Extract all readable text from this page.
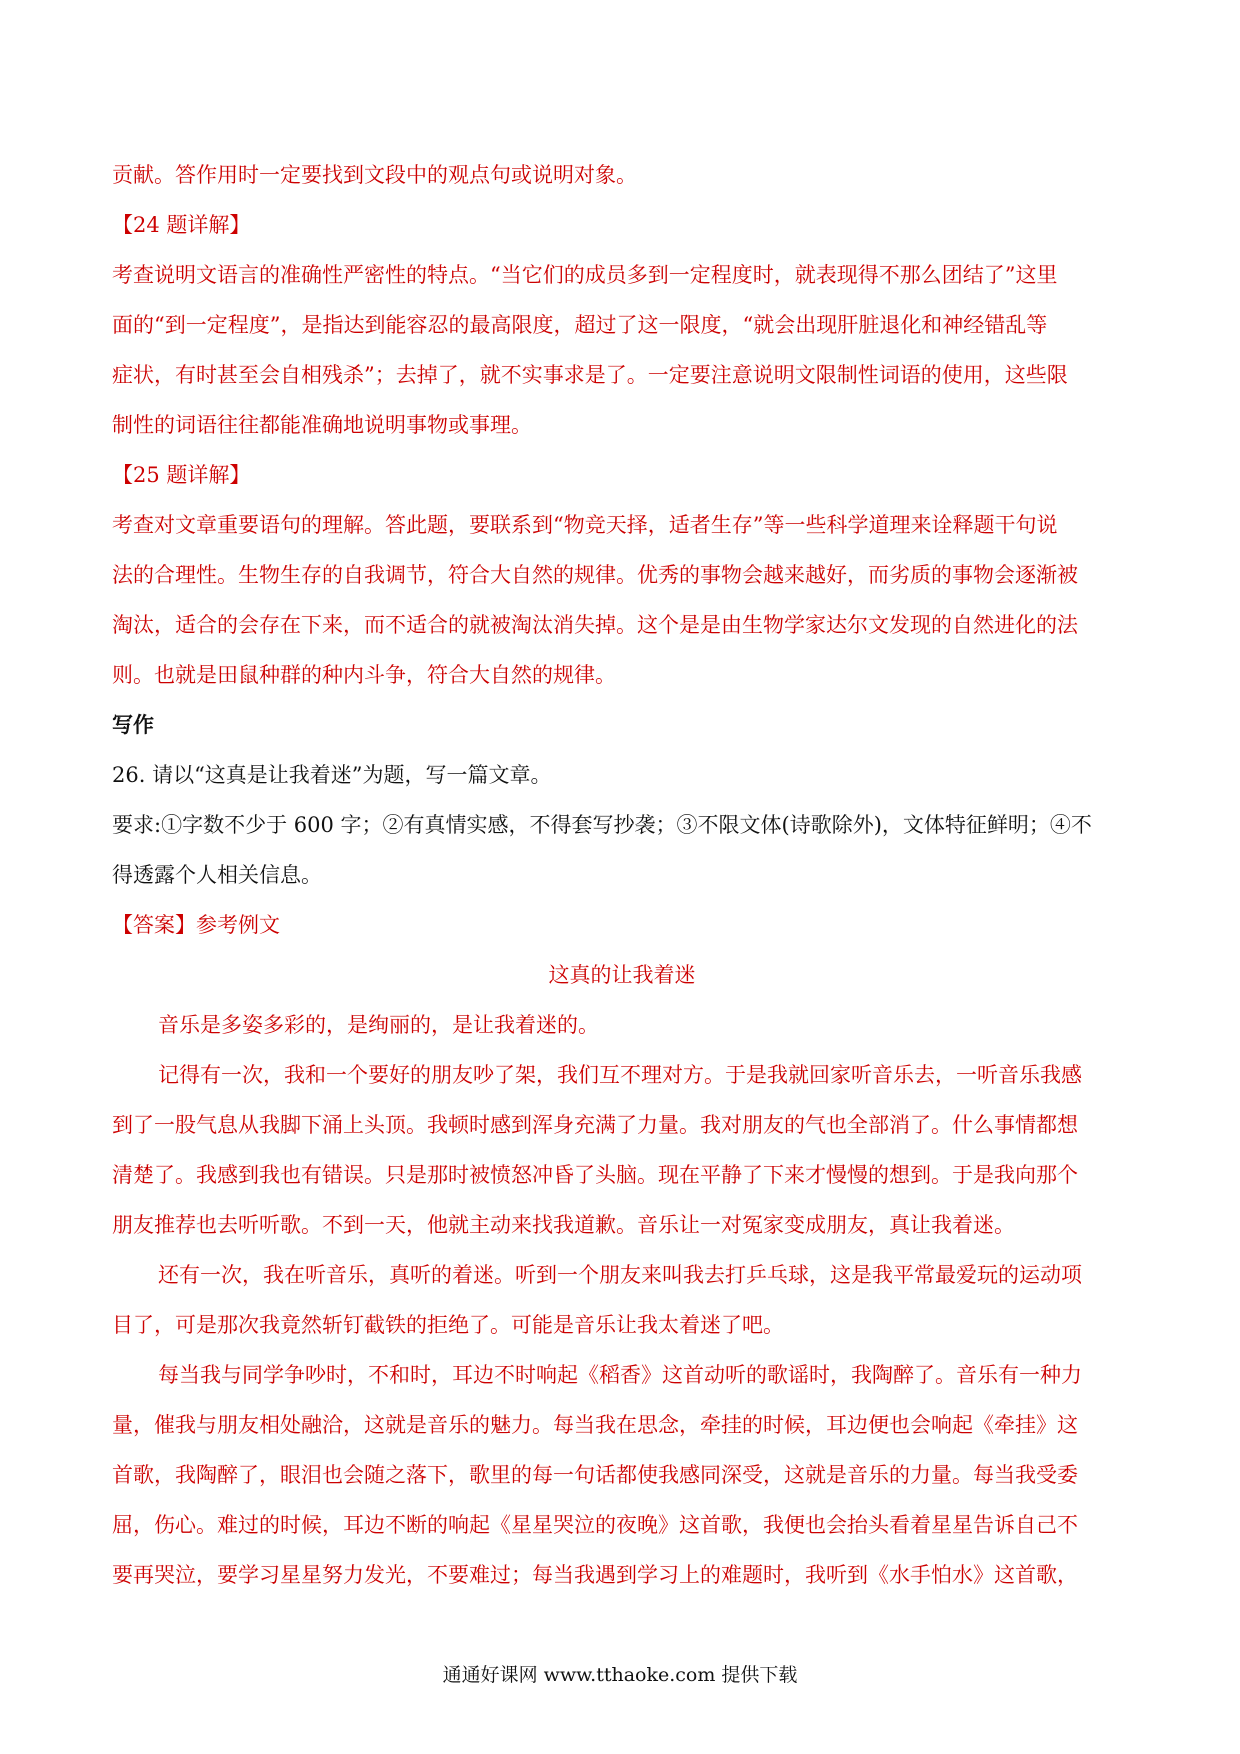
贡献。答作用时一定要找到文段中的观点句或说明对象。
【24 题详解】
考查说明文语言的准确性严密性的特点。“当它们的成员多到一定程度时，就表现得不那么团结了”这里
面的“到一定程度”，是指达到能容忍的最高限度，超过了这一限度，“就会出现肝脏退化和神经错乱等
症状，有时甚至会自相残杀”；去掉了，就不实事求是了。一定要注意说明文限制性词语的使用，这些限
制性的词语往往都能准确地说明事物或事理。
【25 题详解】
考查对文章重要语句的理解。答此题，要联系到“物竞天择，适者生存”等一些科学道理来诠释题干句说
法的合理性。生物生存的自我调节，符合大自然的规律。优秀的事物会越来越好，而劣质的事物会逐渐被
淘汰，适合的会存在下来，而不适合的就被淘汰消失掉。这个是是由生物学家达尔文发现的自然进化的法
则。也就是田鼠种群的种内斗争，符合大自然的规律。
写作
26. 请以“这真是让我着迷”为题，写一篇文章。
要求:①字数不少于 600 字；②有真情实感，不得套写抄袭；③不限文体(诗歌除外)，文体特征鲜明；④不
得透露个人相关信息。
【答案】参考例文
这真的让我着迷
音乐是多姿多彩的，是绚丽的，是让我着迷的。
记得有一次，我和一个要好的朋友吵了架，我们互不理对方。于是我就回家听音乐去，一听音乐我感
到了一股气息从我脚下涌上头顶。我顿时感到浑身充满了力量。我对朋友的气也全部消了。什么事情都想
清楚了。我感到我也有错误。只是那时被愤怒冲昏了头脑。现在平静了下来才慢慢的想到。于是我向那个
朋友推荐也去听听歌。不到一天，他就主动来找我道歉。音乐让一对冤家变成朋友，真让我着迷。
还有一次，我在听音乐，真听的着迷。听到一个朋友来叫我去打乒乓球，这是我平常最爱玩的运动项
目了，可是那次我竟然斩钉截铁的拒绝了。可能是音乐让我太着迷了吧。
每当我与同学争吵时，不和时，耳边不时响起《稻香》这首动听的歌谣时，我陶醉了。音乐有一种力
量，催我与朋友相处融洽，这就是音乐的魅力。每当我在思念，牵挂的时候，耳边便也会响起《牵挂》这
首歌，我陶醉了，眼泪也会随之落下，歌里的每一句话都使我感同深受，这就是音乐的力量。每当我受委
屈，伤心。难过的时候，耳边不断的响起《星星哭泣的夜晚》这首歌，我便也会抬头看着星星告诉自己不
要再哭泣，要学习星星努力发光，不要难过；每当我遇到学习上的难题时，我听到《水手怕水》这首歌，
通通好课网 www.tthaoke.com 提供下载
